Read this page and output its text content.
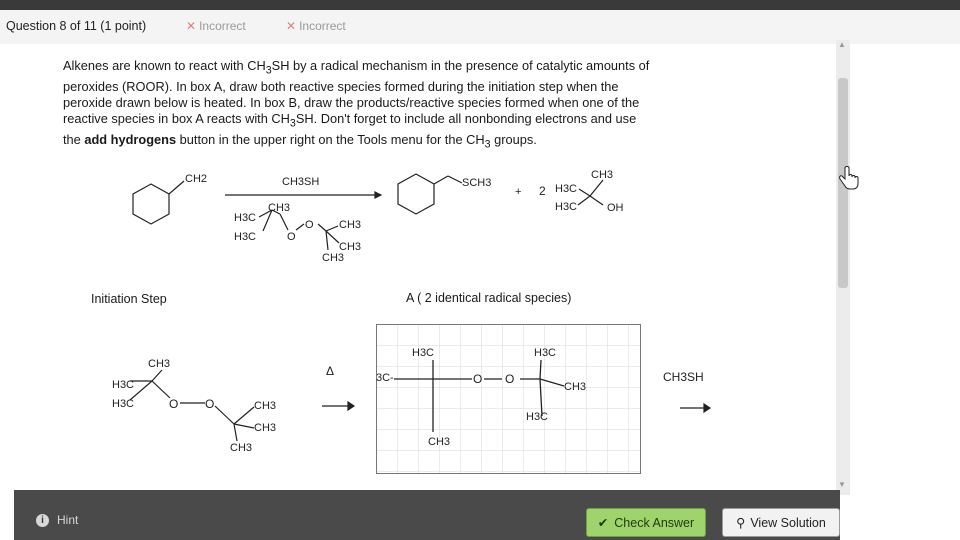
Question 8 of 11 (1 point)	✕ Incorrect	✕ Incorrect
Alkenes are known to react with $CH_3SH$ by a radical mechanism in the presence of catalytic amounts of
peroxides (ROOR). In box A, draw both reactive species formed during the initiation step when the
peroxide drawn below is heated. In box B, draw the products/reactive species formed when one of the
reactive species in box A reacts with $CH_3SH$. Don't forget to include all nonbonding electrons and use
the add hydrogens button in the upper right on the Tools menu for the $CH_3$ groups.
CH2	CH3SH
CH3
H3C
H3C	O
O CH3
CH3
CH3
SCH3
+ 2 H3C
CH3
H3C	OH
CH3
H3C
H3C	O O	CH3
CH3
CH3
Δ	CH3SH
Initiation Step	A ( 2 identical radical species)
3C-
H3C
CH3
O O
H3C
CH3
H3C
▲
▼
i	Hint	✔ Check Answer	⚲ View Solution
